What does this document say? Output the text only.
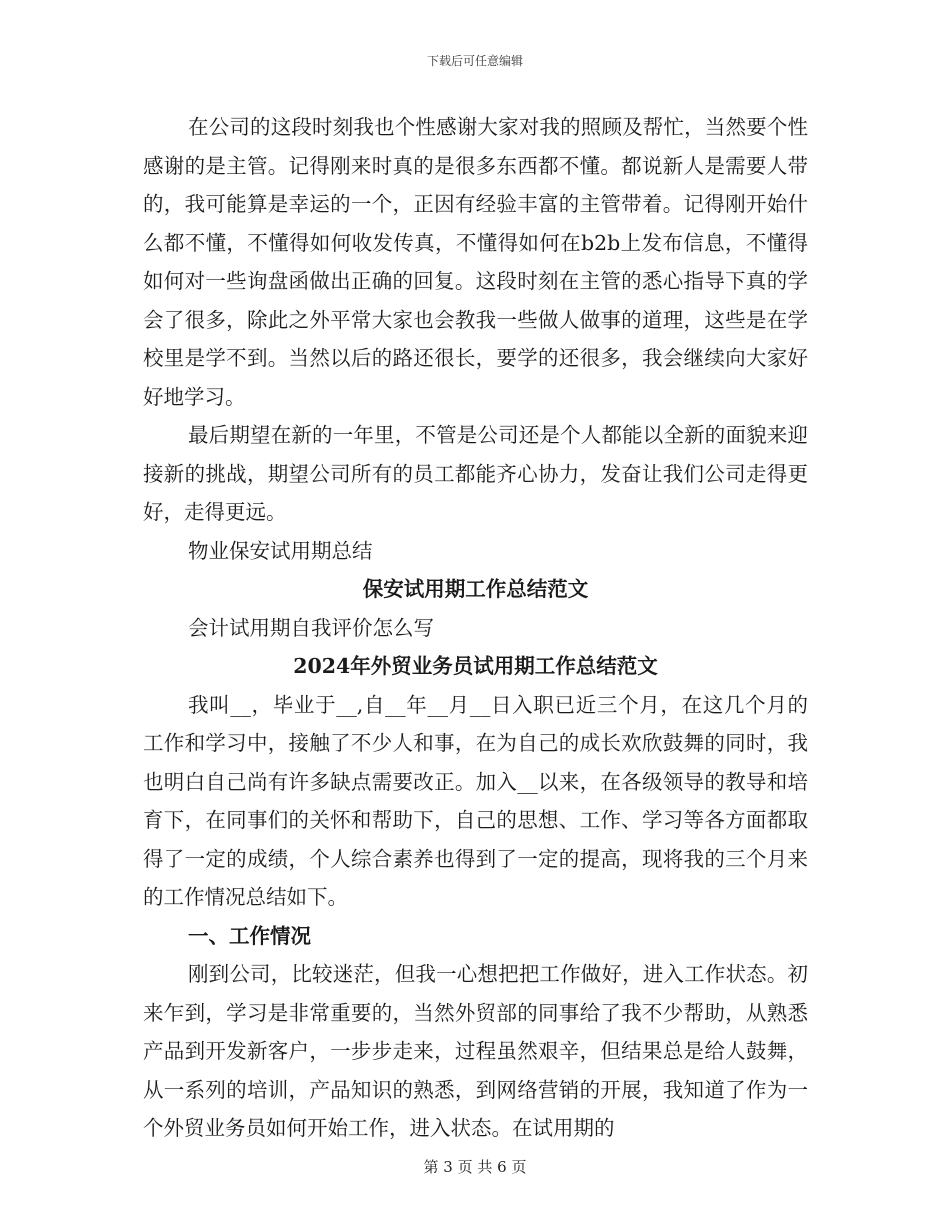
下载后可任意编辑

在公司的这段时刻我也个性感谢大家对我的照顾及帮忙，当然要个性感谢的是主管。记得刚来时真的是很多东西都不懂。都说新人是需要人带的，我可能算是幸运的一个，正因有经验丰富的主管带着。记得刚开始什么都不懂，不懂得如何收发传真，不懂得如何在b2b上发布信息，不懂得如何对一些询盘函做出正确的回复。这段时刻在主管的悉心指导下真的学会了很多，除此之外平常大家也会教我一些做人做事的道理，这些是在学校里是学不到。当然以后的路还很长，要学的还很多，我会继续向大家好好地学习。

最后期望在新的一年里，不管是公司还是个人都能以全新的面貌来迎接新的挑战，期望公司所有的员工都能齐心协力，发奋让我们公司走得更好，走得更远。

物业保安试用期总结

保安试用期工作总结范文

会计试用期自我评价怎么写

2024年外贸业务员试用期工作总结范文

我叫__，毕业于__,自__年__月__日入职已近三个月，在这几个月的工作和学习中，接触了不少人和事，在为自己的成长欢欣鼓舞的同时，我也明白自己尚有许多缺点需要改正。加入__以来，在各级领导的教导和培育下，在同事们的关怀和帮助下，自己的思想、工作、学习等各方面都取得了一定的成绩，个人综合素养也得到了一定的提高，现将我的三个月来的工作情况总结如下。

一、工作情况

刚到公司，比较迷茫，但我一心想把把工作做好，进入工作状态。初来乍到，学习是非常重要的，当然外贸部的同事给了我不少帮助，从熟悉产品到开发新客户，一步步走来，过程虽然艰辛，但结果总是给人鼓舞，从一系列的培训，产品知识的熟悉，到网络营销的开展，我知道了作为一个外贸业务员如何开始工作，进入状态。在试用期的

第 3 页 共 6 页
